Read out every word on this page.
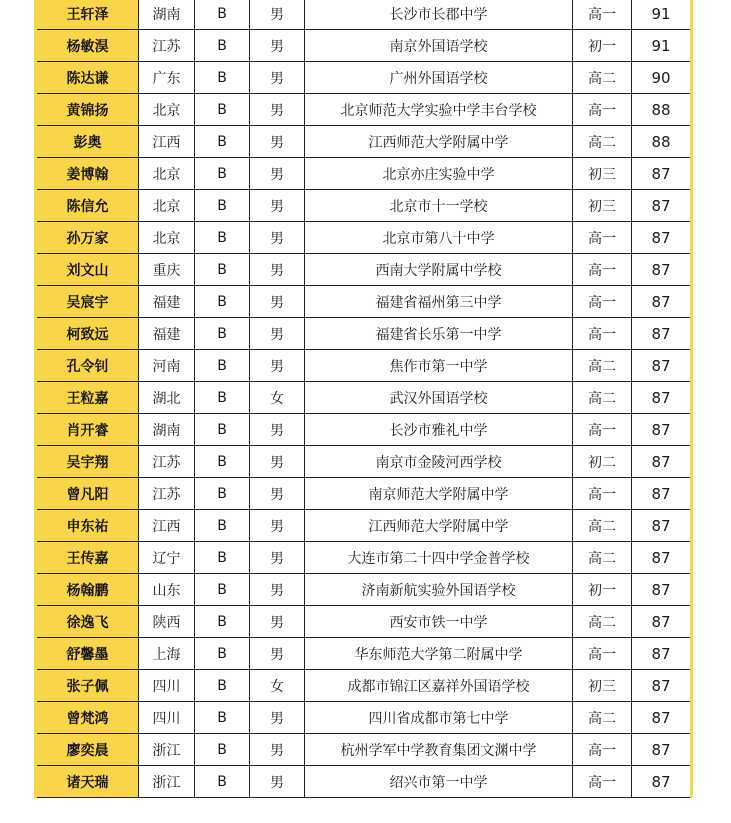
王轩泽	湖南	B	男	长沙市长郡中学	高一	91
杨敏淏	江苏	B	男	南京外国语学校	初一	91
陈达谦	广东	B	男	广州外国语学校	高二	90
黄锦扬	北京	B	男	北京师范大学实验中学丰台学校	高一	88
彭奥	江西	B	男	江西师范大学附属中学	高二	88
姜博翰	北京	B	男	北京亦庄实验中学	初三	87
陈信允	北京	B	男	北京市十一学校	初三	87
孙万家	北京	B	男	北京市第八十中学	高一	87
刘文山	重庆	B	男	西南大学附属中学校	高一	87
吴宸宇	福建	B	男	福建省福州第三中学	高一	87
柯致远	福建	B	男	福建省长乐第一中学	高一	87
孔令钊	河南	B	男	焦作市第一中学	高二	87
王粒嘉	湖北	B	女	武汉外国语学校	高二	87
肖开睿	湖南	B	男	长沙市雅礼中学	高一	87
吴宇翔	江苏	B	男	南京市金陵河西学校	初二	87
曾凡阳	江苏	B	男	南京师范大学附属中学	高一	87
申东祐	江西	B	男	江西师范大学附属中学	高二	87
王传嘉	辽宁	B	男	大连市第二十四中学金普学校	高二	87
杨翰鹏	山东	B	男	济南新航实验外国语学校	初一	87
徐逸飞	陕西	B	男	西安市铁一中学	高二	87
舒馨墨	上海	B	男	华东师范大学第二附属中学	高一	87
张子佩	四川	B	女	成都市锦江区嘉祥外国语学校	初三	87
曾梵鸿	四川	B	男	四川省成都市第七中学	高二	87
廖奕晨	浙江	B	男	杭州学军中学教育集团文渊中学	高一	87
诸天瑞	浙江	B	男	绍兴市第一中学	高一	87
